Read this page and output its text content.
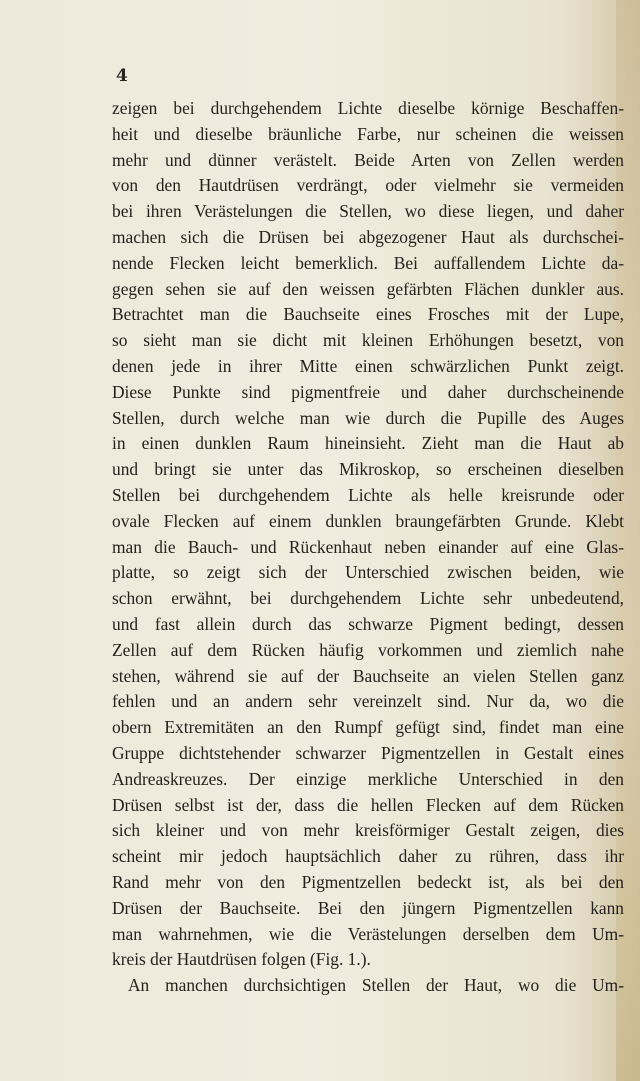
4
zeigen bei durchgehendem Lichte dieselbe körnige Beschaffen-
heit und dieselbe bräunliche Farbe, nur scheinen die weissen
mehr und dünner verästelt. Beide Arten von Zellen werden
von den Hautdrüsen verdrängt, oder vielmehr sie vermeiden
bei ihren Verästelungen die Stellen, wo diese liegen, und daher
machen sich die Drüsen bei abgezogener Haut als durchschei-
nende Flecken leicht bemerklich. Bei auffallendem Lichte da-
gegen sehen sie auf den weissen gefärbten Flächen dunkler aus.
Betrachtet man die Bauchseite eines Frosches mit der Lupe,
so sieht man sie dicht mit kleinen Erhöhungen besetzt, von
denen jede in ihrer Mitte einen schwärzlichen Punkt zeigt.
Diese Punkte sind pigmentfreie und daher durchscheinende
Stellen, durch welche man wie durch die Pupille des Auges
in einen dunklen Raum hineinsieht. Zieht man die Haut ab
und bringt sie unter das Mikroskop, so erscheinen dieselben
Stellen bei durchgehendem Lichte als helle kreisrunde oder
ovale Flecken auf einem dunklen braungefärbten Grunde. Klebt
man die Bauch- und Rückenhaut neben einander auf eine Glas-
platte, so zeigt sich der Unterschied zwischen beiden, wie
schon erwähnt, bei durchgehendem Lichte sehr unbedeutend,
und fast allein durch das schwarze Pigment bedingt, dessen
Zellen auf dem Rücken häufig vorkommen und ziemlich nahe
stehen, während sie auf der Bauchseite an vielen Stellen ganz
fehlen und an andern sehr vereinzelt sind. Nur da, wo die
obern Extremitäten an den Rumpf gefügt sind, findet man eine
Gruppe dichtstehender schwarzer Pigmentzellen in Gestalt eines
Andreaskreuzes. Der einzige merkliche Unterschied in den
Drüsen selbst ist der, dass die hellen Flecken auf dem Rücken
sich kleiner und von mehr kreisförmiger Gestalt zeigen, dies
scheint mir jedoch hauptsächlich daher zu rühren, dass ihr
Rand mehr von den Pigmentzellen bedeckt ist, als bei den
Drüsen der Bauchseite. Bei den jüngern Pigmentzellen kann
man wahrnehmen, wie die Verästelungen derselben dem Um-
kreis der Hautdrüsen folgen (Fig. 1.).
An manchen durchsichtigen Stellen der Haut, wo die Um-
